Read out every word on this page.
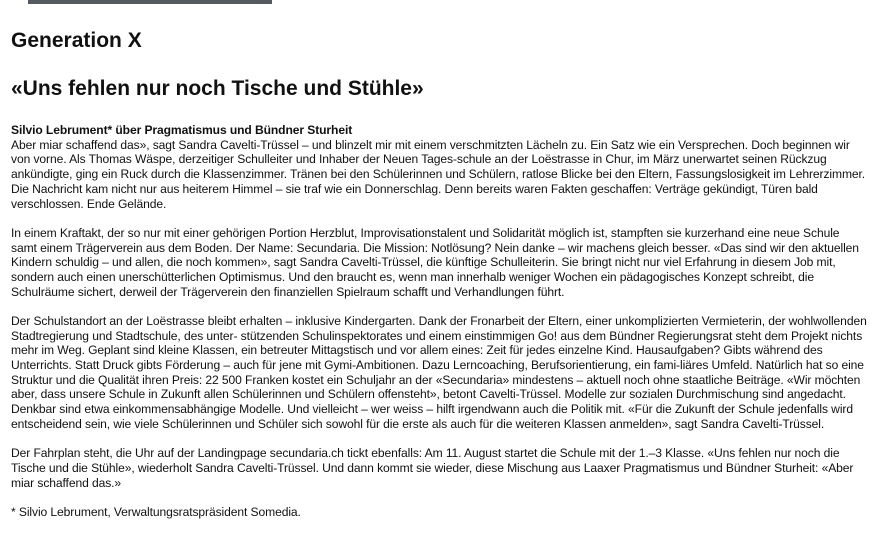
Generation X
«Uns fehlen nur noch Tische und Stühle»

Silvio Lebrument* über Pragmatismus und Bündner Sturheit
Aber miar schaffend das», sagt Sandra Cavelti-Trüssel – und blinzelt mir mit einem verschmitzten Lächeln zu. Ein Satz wie ein Versprechen. Doch beginnen wir von vorne. Als Thomas Wäspe, derzeitiger Schulleiter und Inhaber der Neuen Tages-schule an der Loëstrasse in Chur, im März unerwartet seinen Rückzug ankündigte, ging ein Ruck durch die Klassenzimmer. Tränen bei den Schülerinnen und Schülern, ratlose Blicke bei den Eltern, Fassungslosigkeit im Lehrerzimmer. Die Nachricht kam nicht nur aus heiterem Himmel – sie traf wie ein Donnerschlag. Denn bereits waren Fakten geschaffen: Verträge gekündigt, Türen bald verschlossen. Ende Gelände.

In einem Kraftakt, der so nur mit einer gehörigen Portion Herzblut, Improvisationstalent und Solidarität möglich ist, stampften sie kurzerhand eine neue Schule samt einem Trägerverein aus dem Boden. Der Name: Secundaria. Die Mission: Notlösung? Nein danke – wir machens gleich besser. «Das sind wir den aktuellen Kindern schuldig – und allen, die noch kommen», sagt Sandra Cavelti-Trüssel, die künftige Schulleiterin. Sie bringt nicht nur viel Erfahrung in diesem Job mit, sondern auch einen unerschütterlichen Optimismus. Und den braucht es, wenn man innerhalb weniger Wochen ein pädagogisches Konzept schreibt, die Schulräume sichert, derweil der Trägerverein den finanziellen Spielraum schafft und Verhandlungen führt.

Der Schulstandort an der Loëstrasse bleibt erhalten – inklusive Kindergarten. Dank der Fronarbeit der Eltern, einer unkomplizierten Vermieterin, der wohlwollenden Stadtregierung und Stadtschule, des unter- stützenden Schulinspektorates und einem einstimmigen Go! aus dem Bündner Regierungsrat steht dem Projekt nichts mehr im Weg. Geplant sind kleine Klassen, ein betreuter Mittagstisch und vor allem eines: Zeit für jedes einzelne Kind. Hausaufgaben? Gibts während des Unterrichts. Statt Druck gibts Förderung – auch für jene mit Gymi-Ambitionen. Dazu Lerncoaching, Berufsorientierung, ein fami-liäres Umfeld. Natürlich hat so eine Struktur und die Qualität ihren Preis: 22 500 Franken kostet ein Schuljahr an der «Secundaria» mindestens – aktuell noch ohne staatliche Beiträge. «Wir möchten aber, dass unsere Schule in Zukunft allen Schülerinnen und Schülern offensteht», betont Cavelti-Trüssel. Modelle zur sozialen Durchmischung sind angedacht. Denkbar sind etwa einkommensabhängige Modelle. Und vielleicht – wer weiss – hilft irgendwann auch die Politik mit. «Für die Zukunft der Schule jedenfalls wird entscheidend sein, wie viele Schülerinnen und Schüler sich sowohl für die erste als auch für die weiteren Klassen anmelden», sagt Sandra Cavelti-Trüssel.

Der Fahrplan steht, die Uhr auf der Landingpage secundaria.ch tickt ebenfalls: Am 11. August startet die Schule mit der 1.–3 Klasse. «Uns fehlen nur noch die Tische und die Stühle», wiederholt Sandra Cavelti-Trüssel. Und dann kommt sie wieder, diese Mischung aus Laaxer Pragmatismus und Bündner Sturheit: «Aber miar schaffend das.»

* Silvio Lebrument, Verwaltungsratspräsident Somedia.
